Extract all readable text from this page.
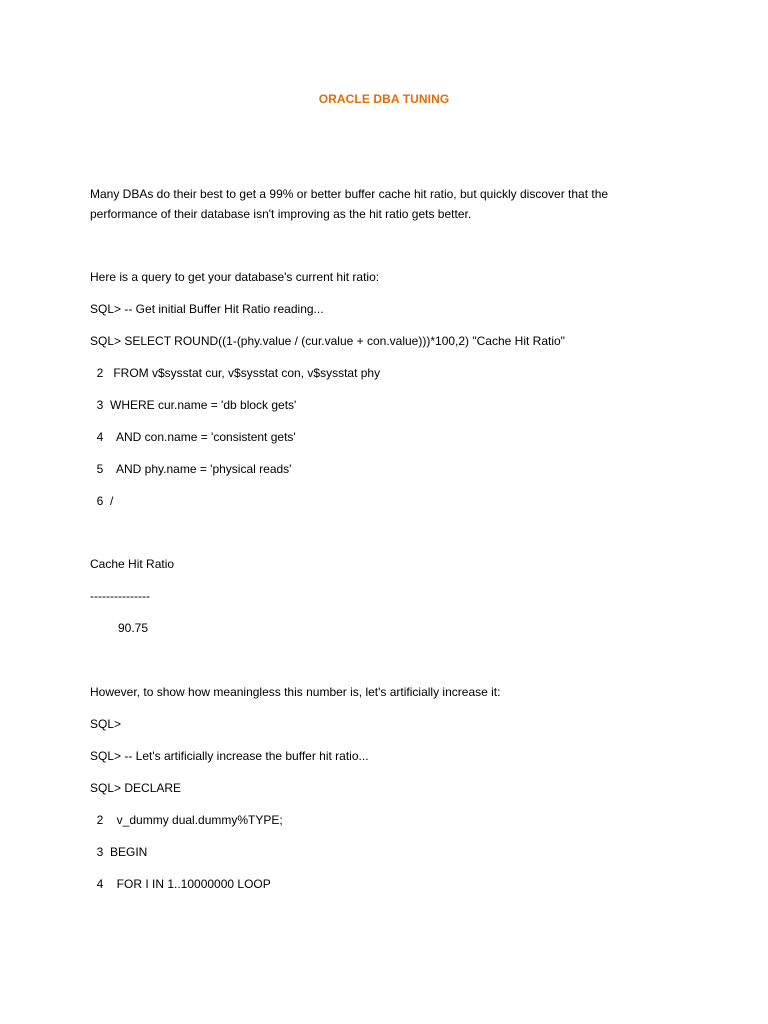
ORACLE DBA TUNING
Many DBAs do their best to get a 99% or better buffer cache hit ratio, but quickly discover that the
performance of their database isn't improving as the hit ratio gets better.
Here is a query to get your database's current hit ratio:
SQL> -- Get initial Buffer Hit Ratio reading...
SQL> SELECT ROUND((1-(phy.value / (cur.value + con.value)))*100,2) "Cache Hit Ratio"
2   FROM v$sysstat cur, v$sysstat con, v$sysstat phy
3  WHERE cur.name = 'db block gets'
4    AND con.name = 'consistent gets'
5    AND phy.name = 'physical reads'
6  /
Cache Hit Ratio
---------------
90.75
However, to show how meaningless this number is, let's artificially increase it:
SQL>
SQL> -- Let's artificially increase the buffer hit ratio...
SQL> DECLARE
2    v_dummy dual.dummy%TYPE;
3  BEGIN
4    FOR I IN 1..10000000 LOOP
